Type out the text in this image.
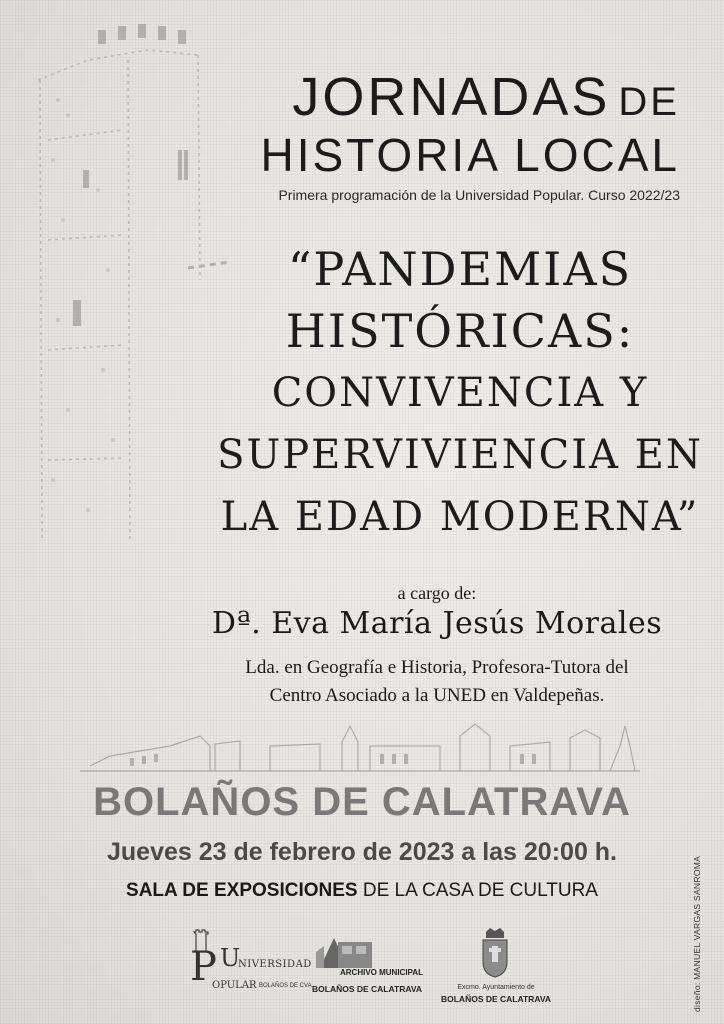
JORNADAS DE
HISTORIA LOCAL
Primera programación de la Universidad Popular. Curso 2022/23
“PANDEMIAS
HISTÓRICAS:
CONVIVENCIA Y
SUPERVIVIENCIA EN
LA EDAD MODERNA”
a cargo de:
Dª. Eva María Jesús Morales
Lda. en Geografía e Historia, Profesora-Tutora del
Centro Asociado a la UNED en Valdepeñas.
BOLAÑOS DE CALATRAVA
Jueves 23 de febrero de 2023 a las 20:00 h.
SALA DE EXPOSICIONES DE LA CASA DE CULTURA	diseño: MANUEL VARGAS SANROMA
P U
NIVERSIDAD
OPULAR BOLAÑOS DE CVA.
ARCHIVO MUNICIPAL
BOLAÑOS DE CALATRAVA	Excmo. Ayuntamiento de
BOLAÑOS DE CALATRAVA
